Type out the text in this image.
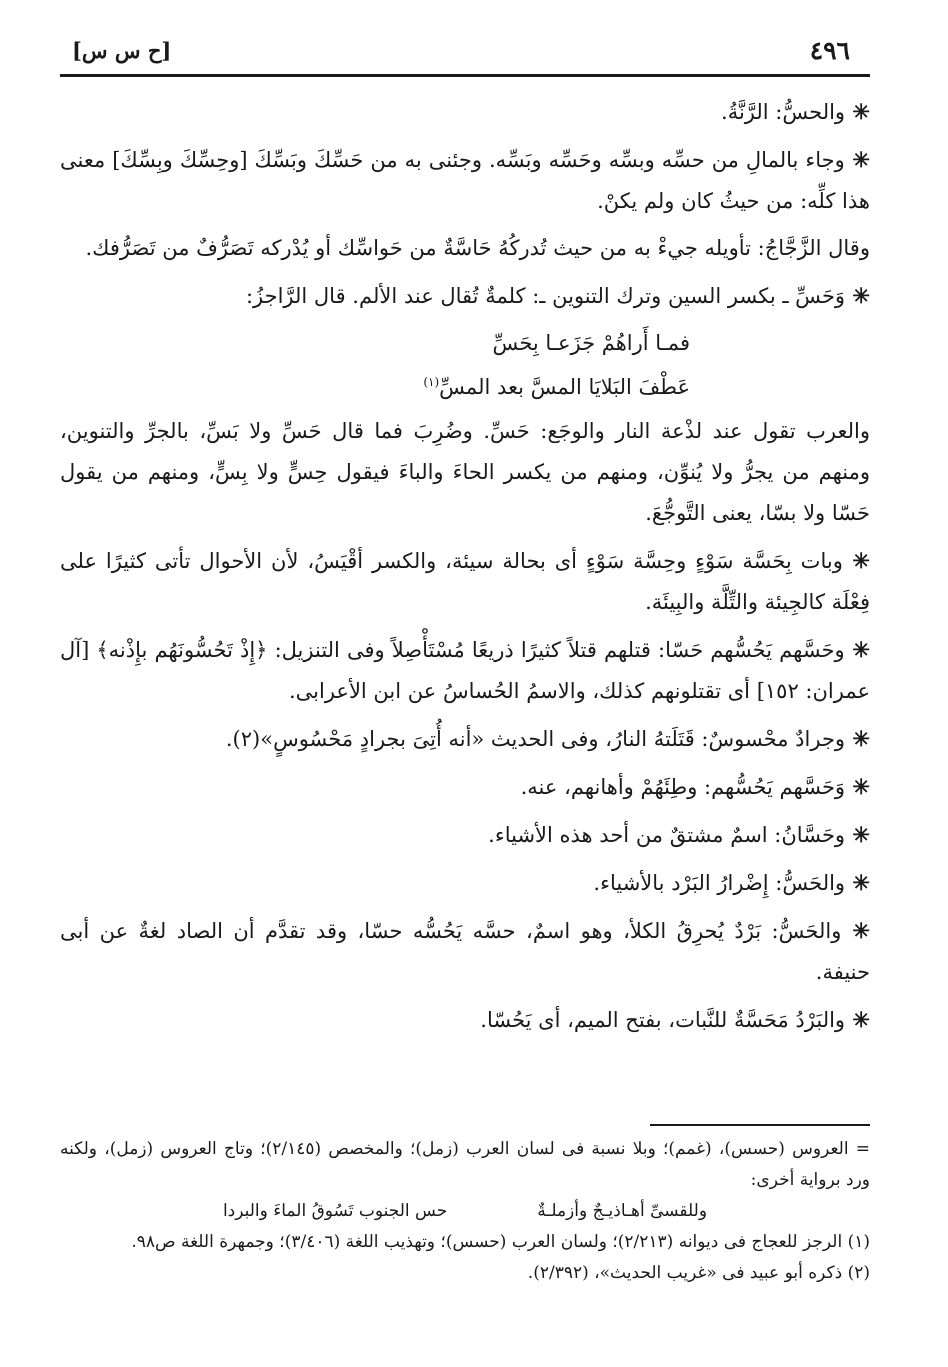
٤٩٦
[ح س س]

✳ والحسُّ: الرَّنَّةُ.

✳ وجاء بالمالِ من حسِّه وبسِّه وحَسِّه وبَسِّه. وجئنى به من حَسِّكَ وبَسِّكَ [وحِسِّكَ وبِسِّكَ] معنى هذا كلِّه: من حيثُ كان ولم يكنْ.

وقال الزَّجَّاجُ: تأويله جيءْ به من حيث تُدركُهُ حَاسَّةٌ من حَواسِّك أو يُدْركه تَصَرُّفٌ من تَصَرُّفك.

✳ وَحَسِّ ـ بكسر السين وترك التنوين ـ: كلمةٌ تُقال عند الألم. قال الرَّاجزُ:

فمـا أَراهُمْ جَزَعـا بِحَسِّ

عَطْفَ البَلايَا المسَّ بعد المسِّ$^{(١)}$

والعرب تقول عند لذْعة النار والوجَع: حَسِّ. وضُرِبَ فما قال حَسِّ ولا بَسِّ، بالجرِّ والتنوين، ومنهم من يجرُّ ولا يُنوِّن، ومنهم من يكسر الحاءَ والباءَ فيقول حِسٍّ ولا بِسٍّ، ومنهم من يقول حَسّا ولا بسّا، يعنى التَّوجُّعَ.

✳ وبات بِحَسَّة سَوْءٍ وحِسَّة سَوْءٍ أى بحالة سيئة، والكسر أقْيَسُ، لأن الأحوال تأتى كثيرًا على فِعْلَة كالجِيئة والتِّلَّة والبِيئَة.

✳ وحَسَّهم يَحُسُّهم حَسّا: قتلهم قتلاً كثيرًا ذريعًا مُسْتَأْصِلاً وفى التنزيل: ﴿إِذْ تَحُسُّونَهُم بإِذْنه﴾ [آل عمران: ١٥٢] أى تقتلونهم كذلك، والاسمُ الحُساسُ عن ابن الأعرابى.

✳ وجرادٌ محْسوسٌ: قَتَلَتهُ النارُ، وفى الحديث «أنه أُتِىَ بجرادٍ مَحْسُوسٍ»(٢).

✳ وَحَسَّهم يَحُسُّهم: وطِئَهُمْ وأهانهم، عنه.

✳ وحَسَّانُ: اسمٌ مشتقٌ من أحد هذه الأشياء.

✳ والحَسُّ: إِضْرارُ البَرْد بالأشياء.

✳ والحَسُّ: بَرْدٌ يُحرِقُ الكلأ، وهو اسمٌ، حسَّه يَحُسُّه حسّا، وقد تقدَّم أن الصاد لغةٌ عن أبى حنيفة.

✳ والبَرْدُ مَحَسَّةٌ للنَّبات، بفتح الميم، أى يَحُسّا.

= العروس (حسس)، (غمم)؛ وبلا نسبة فى لسان العرب (زمل)؛ والمخصص (٢/١٤٥)؛ وتاج العروس (زمل)، ولكنه ورد برواية أخرى:

وللقسىِّ أهـاذيـجٌ وأزملـةٌ
حس الجنوب تَسُوقُ الماءَ والبردا

(١) الرجز للعجاج فى ديوانه (٢/٢١٣)؛ ولسان العرب (حسس)؛ وتهذيب اللغة (٣/٤٠٦)؛ وجمهرة اللغة ص٩٨.

(٢) ذكره أبو عبيد فى «غريب الحديث»، (٢/٣٩٢).
